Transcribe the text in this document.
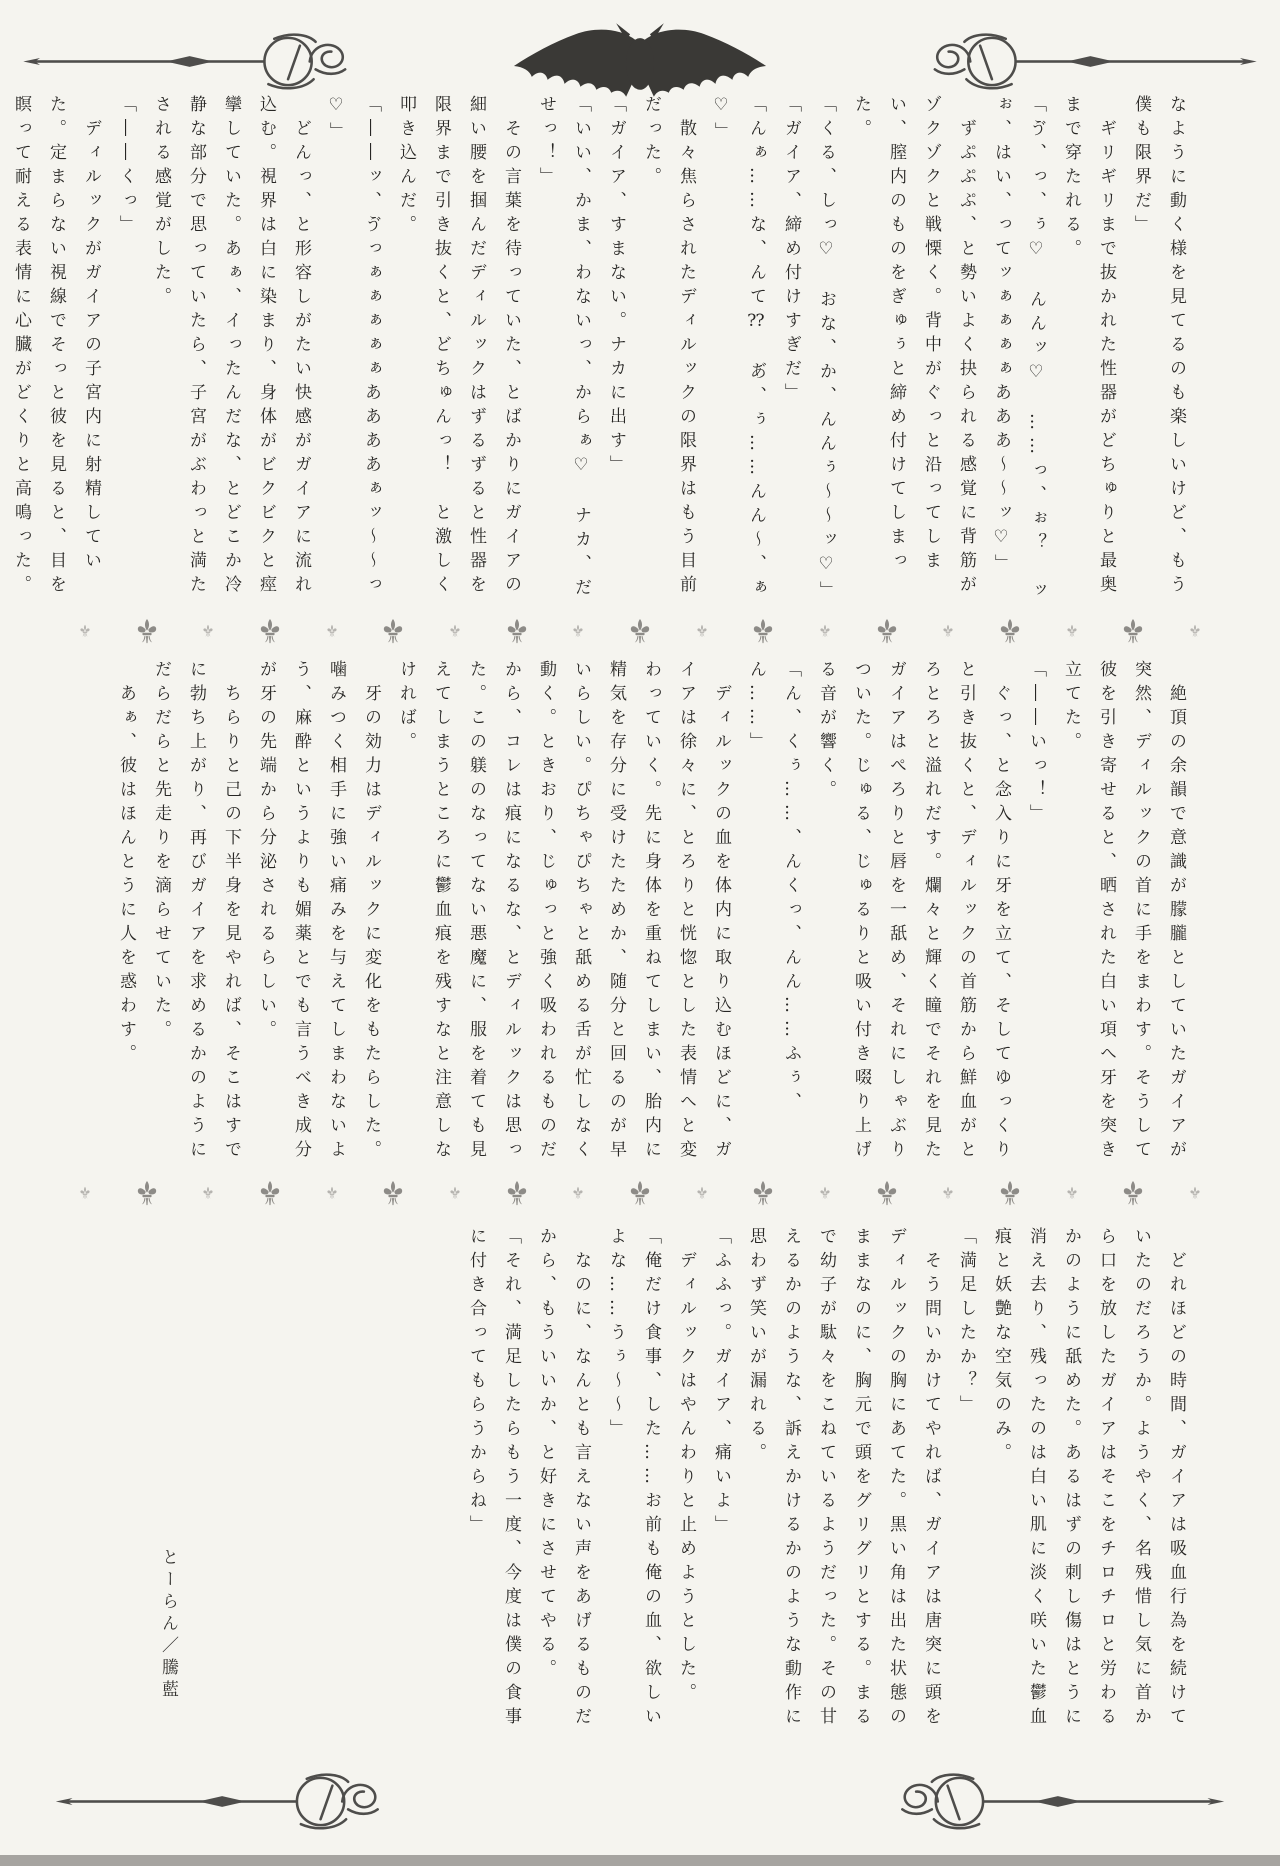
なように動く様を見てるのも楽しいけど、もう僕も限界だ」

　ギリギリまで抜かれた性器がどちゅりと最奥まで穿たれる。

「ゔ、っ、ぅ♡　んんッ♡　……っ、ぉ？　ッぉ、はい、ってッぁぁぁぁあああ～～ッ♡」

　ずぷぷぷ、と勢いよく抉られる感覚に背筋がゾクゾクと戦慄く。背中がぐっと沿ってしまい、膣内のものをぎゅぅと締め付けてしまった。

「くる、しっ♡　おな、か、んんぅ～～ッ♡」

「ガイア、締め付けすぎだ」

「んぁ……な、んて⁇　あ゙、ぅ……んん～、ぁ♡」

　散々焦らされたディルックの限界はもう目前だった。

「ガイア、すまない。ナカに出す」

「いい、かま、わないっ、からぁ♡　ナカ、だせっ！」

　その言葉を待っていた、とばかりにガイアの細い腰を掴んだディルックはずるずると性器を限界まで引き抜くと、どちゅんっ！　と激しく叩き込んだ。

「――ッ、ゔっぁぁぁぁぁああああぁッ～～っ♡」

　どんっ、と形容しがたい快感がガイアに流れ込む。視界は白に染まり、身体がビクビクと痙攣していた。あぁ、イったんだな、とどこか冷静な部分で思っていたら、子宮がぶわっと満たされる感覚がした。

「――くっ」

　ディルックがガイアの子宮内に射精していた。定まらない視線でそっと彼を見ると、目を瞑って耐える表情に心臓がどくりと高鳴った。

　絶頂の余韻で意識が朦朧としていたガイアが突然、ディルックの首に手をまわす。そうして彼を引き寄せると、晒された白い項へ牙を突き立てた。

「――いっ！」

　ぐっ、と念入りに牙を立て、そしてゆっくりと引き抜くと、ディルックの首筋から鮮血がとろとろと溢れだす。爛々と輝く瞳でそれを見たガイアはぺろりと唇を一舐め、それにしゃぶりついた。じゅる、じゅるりと吸い付き啜り上げる音が響く。

「ん、くぅ……、んくっ、んん……ふぅ、ん……」

　ディルックの血を体内に取り込むほどに、ガイアは徐々に、とろりと恍惚とした表情へと変わっていく。先に身体を重ねてしまい、胎内に精気を存分に受けたためか、随分と回るのが早いらしい。ぴちゃぴちゃと舐める舌が忙しなく動く。ときおり、じゅっと強く吸われるものだから、コレは痕になるな、とディルックは思った。この躾のなってない悪魔に、服を着ても見えてしまうところに鬱血痕を残すなと注意しなければ。

　牙の効力はディルックに変化をもたらした。噛みつく相手に強い痛みを与えてしまわないよう、麻酔というよりも媚薬とでも言うべき成分が牙の先端から分泌されるらしい。

　ちらりと己の下半身を見やれば、そこはすでに勃ち上がり、再びガイアを求めるかのようにだらだらと先走りを滴らせていた。

　あぁ、彼はほんとうに人を惑わす。

　どれほどの時間、ガイアは吸血行為を続けていたのだろうか。ようやく、名残惜し気に首から口を放したガイアはそこをチロチロと労わるかのように舐めた。あるはずの刺し傷はとうに消え去り、残ったのは白い肌に淡く咲いた鬱血痕と妖艶な空気のみ。

「満足したか？」

　そう問いかけてやれば、ガイアは唐突に頭をディルックの胸にあてた。黒い角は出た状態のままなのに、胸元で頭をグリグリとする。まるで幼子が駄々をこねているようだった。その甘えるかのような、訴えかけるかのような動作に思わず笑いが漏れる。

「ふふっ。ガイア、痛いよ」

　ディルックはやんわりと止めようとした。

「俺だけ食事、した……お前も俺の血、欲しいよな……うぅ～～」

　なのに、なんとも言えない声をあげるものだから、もういいか、と好きにさせてやる。

「それ、満足したらもう一度、今度は僕の食事に付き合ってもらうからね」

とーらん／騰藍
